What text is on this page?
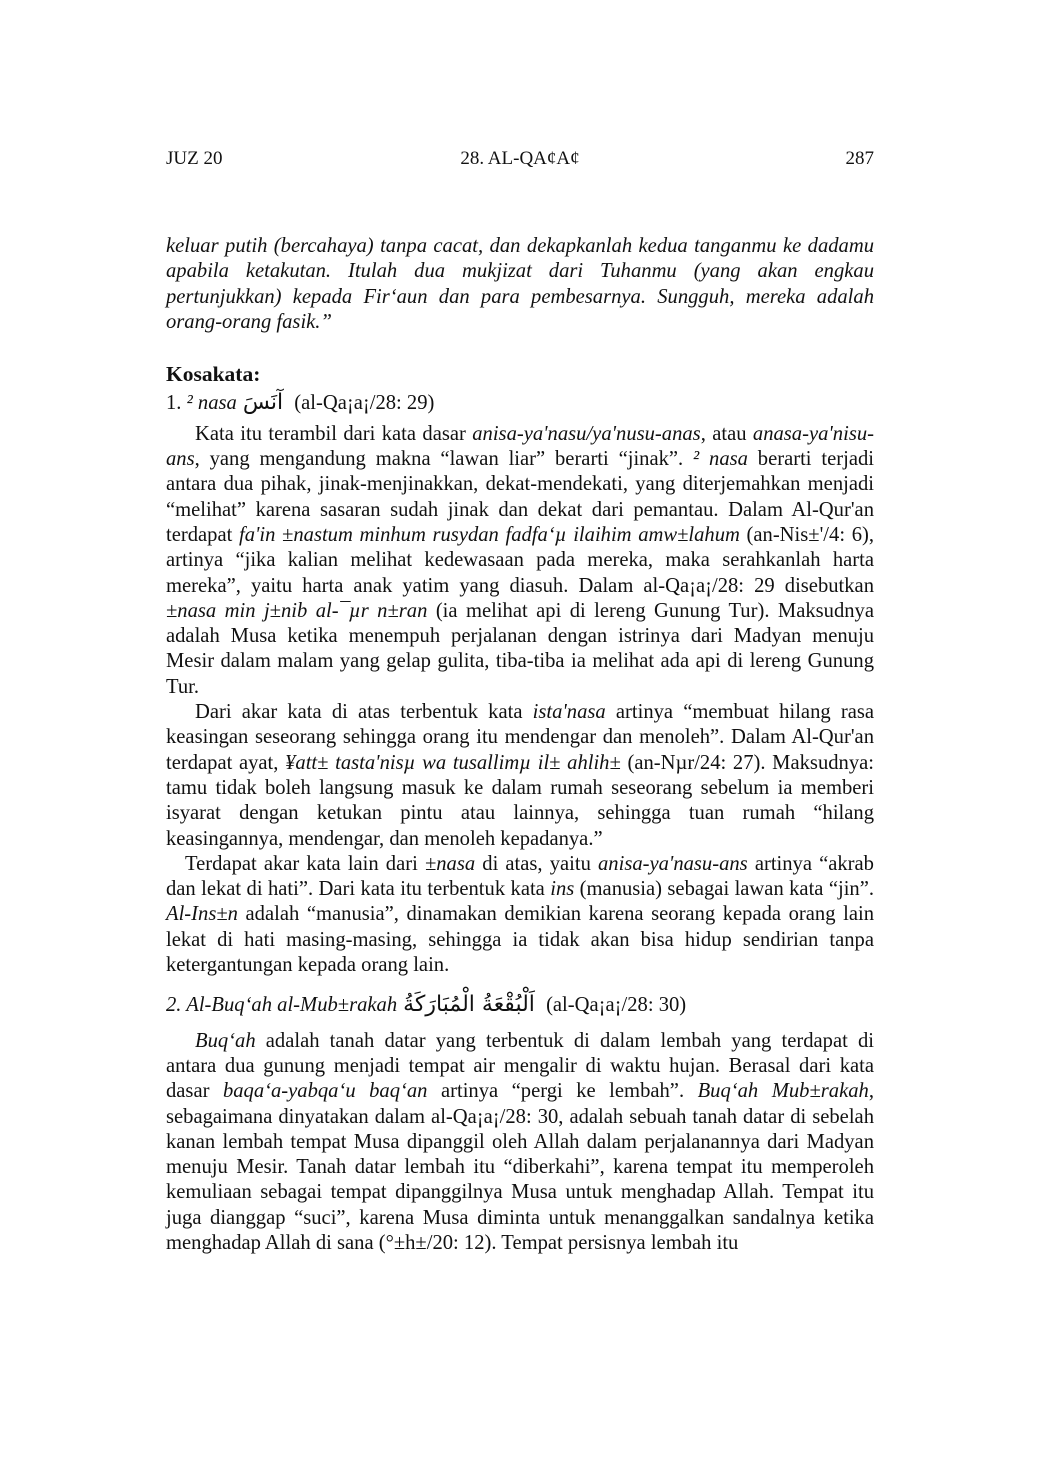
JUZ 20	28. AL-QA¢A¢	287

keluar putih (bercahaya) tanpa cacat, dan dekapkanlah kedua tanganmu ke dadamu apabila ketakutan. Itulah dua mukjizat dari Tuhanmu (yang akan engkau pertunjukkan) kepada Fir‘aun dan para pembesarnya. Sungguh, mereka adalah orang-orang fasik.”

Kosakata:
1. ² nasa آنَسَ (al-Qa¡a¡/28: 29)

Kata itu terambil dari kata dasar anisa-ya'nasu/ya'nusu-anas, atau anasa-ya'nisu-ans, yang mengandung makna “lawan liar” berarti “jinak”. ² nasa berarti terjadi antara dua pihak, jinak-menjinakkan, dekat-mendekati, yang diterjemahkan menjadi “melihat” karena sasaran sudah jinak dan dekat dari pemantau. Dalam Al-Qur'an terdapat fa'in ±nastum minhum rusydan fadfa‘µ ilaihim amw±lahum (an-Nis±'/4: 6), artinya “jika kalian melihat kedewasaan pada mereka, maka serahkanlah harta mereka”, yaitu harta anak yatim yang diasuh. Dalam al-Qa¡a¡/28: 29 disebutkan ±nasa min j±nib al-¯µr n±ran (ia melihat api di lereng Gunung Tur). Maksudnya adalah Musa ketika menempuh perjalanan dengan istrinya dari Madyan menuju Mesir dalam malam yang gelap gulita, tiba-tiba ia melihat ada api di lereng Gunung Tur.

Dari akar kata di atas terbentuk kata ista'nasa artinya “membuat hilang rasa keasingan seseorang sehingga orang itu mendengar dan menoleh”. Dalam Al-Qur'an terdapat ayat, ¥att± tasta'nisµ wa tusallimµ il± ahlih± (an-Nµr/24: 27). Maksudnya: tamu tidak boleh langsung masuk ke dalam rumah seseorang sebelum ia memberi isyarat dengan ketukan pintu atau lainnya, sehingga tuan rumah “hilang keasingannya, mendengar, dan menoleh kepadanya.”

Terdapat akar kata lain dari ±nasa di atas, yaitu anisa-ya'nasu-ans artinya “akrab dan lekat di hati”. Dari kata itu terbentuk kata ins (manusia) sebagai lawan kata “jin”. Al-Ins±n adalah “manusia”, dinamakan demikian karena seorang kepada orang lain lekat di hati masing-masing, sehingga ia tidak akan bisa hidup sendirian tanpa ketergantungan kepada orang lain.

2. Al-Buq‘ah al-Mub±rakah اَلْبُقْعَةُ الْمُبَارَكَةُ (al-Qa¡a¡/28: 30)

Buq‘ah adalah tanah datar yang terbentuk di dalam lembah yang terdapat di antara dua gunung menjadi tempat air mengalir di waktu hujan. Berasal dari kata dasar baqa‘a-yabqa‘u baq‘an artinya “pergi ke lembah”. Buq‘ah Mub±rakah, sebagaimana dinyatakan dalam al-Qa¡a¡/28: 30, adalah sebuah tanah datar di sebelah kanan lembah tempat Musa dipanggil oleh Allah dalam perjalanannya dari Madyan menuju Mesir. Tanah datar lembah itu “diberkahi”, karena tempat itu memperoleh kemuliaan sebagai tempat dipanggilnya Musa untuk menghadap Allah. Tempat itu juga dianggap “suci”, karena Musa diminta untuk menanggalkan sandalnya ketika menghadap Allah di sana (°±h±/20: 12). Tempat persisnya lembah itu
